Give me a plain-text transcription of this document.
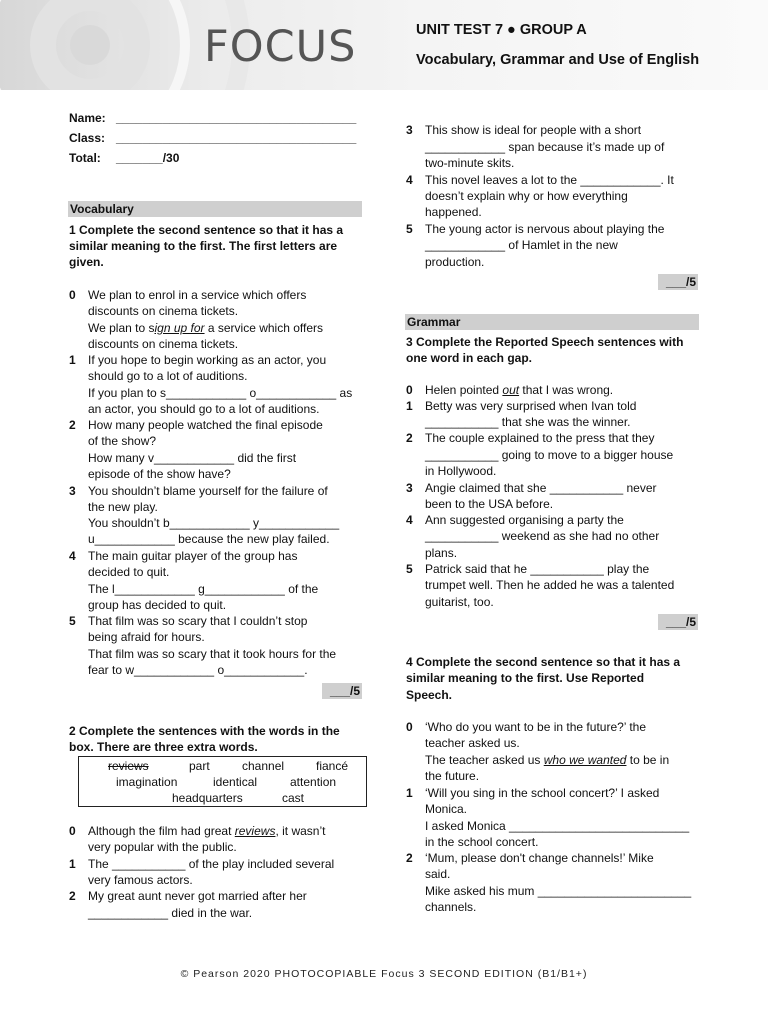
FOCUS	UNIT TEST 7 ● GROUP A
Vocabulary, Grammar and Use of English
Name: ____________________________________
Class: ____________________________________
Total: _______/30
Vocabulary
1 Complete the second sentence so that it has a
similar meaning to the first. The first letters are
given.
0 We plan to enrol in a service which offers
discounts on cinema tickets.
We plan to sign up for a service which offers
discounts on cinema tickets.
1 If you hope to begin working as an actor, you
should go to a lot of auditions.
If you plan to s____________ o____________ as
an actor, you should go to a lot of auditions.
2 How many people watched the final episode
of the show?
How many v____________ did the first
episode of the show have?
3 You shouldn’t blame yourself for the failure of
the new play.
You shouldn’t b____________ y____________
u____________ because the new play failed.
4 The main guitar player of the group has
decided to quit.
The l____________ g____________ of the
group has decided to quit.
5 That film was so scary that I couldn’t stop
being afraid for hours.
That film was so scary that it took hours for the
fear to w____________ o____________.
___/5
2 Complete the sentences with the words in the
box. There are three extra words.
reviews	part	channel	fiancé
imagination	identical	attention
headquarters	cast
0 Although the film had great reviews, it wasn’t
very popular with the public.
1 The ___________ of the play included several
very famous actors.
2 My great aunt never got married after her
____________ died in the war.
3 This show is ideal for people with a short
____________ span because it’s made up of
two-minute skits.
4 This novel leaves a lot to the ____________. It
doesn’t explain why or how everything
happened.
5 The young actor is nervous about playing the
____________ of Hamlet in the new
production.
___/5
Grammar
3 Complete the Reported Speech sentences with
one word in each gap.
0 Helen pointed out that I was wrong.
1 Betty was very surprised when Ivan told
___________ that she was the winner.
2 The couple explained to the press that they
___________ going to move to a bigger house
in Hollywood.
3 Angie claimed that she ___________ never
been to the USA before.
4 Ann suggested organising a party the
___________ weekend as she had no other
plans.
5 Patrick said that he ___________ play the
trumpet well. Then he added he was a talented
guitarist, too.
___/5
4 Complete the second sentence so that it has a
similar meaning to the first. Use Reported
Speech.
0 ‘Who do you want to be in the future?’ the
teacher asked us.
The teacher asked us who we wanted to be in
the future.
1 ‘Will you sing in the school concert?’ I asked
Monica.
I asked Monica ___________________________
in the school concert.
2 ‘Mum, please don't change channels!’ Mike
said.
Mike asked his mum _______________________
channels.
© Pearson 2020 PHOTOCOPIABLE Focus 3 SECOND EDITION (B1/B1+)
